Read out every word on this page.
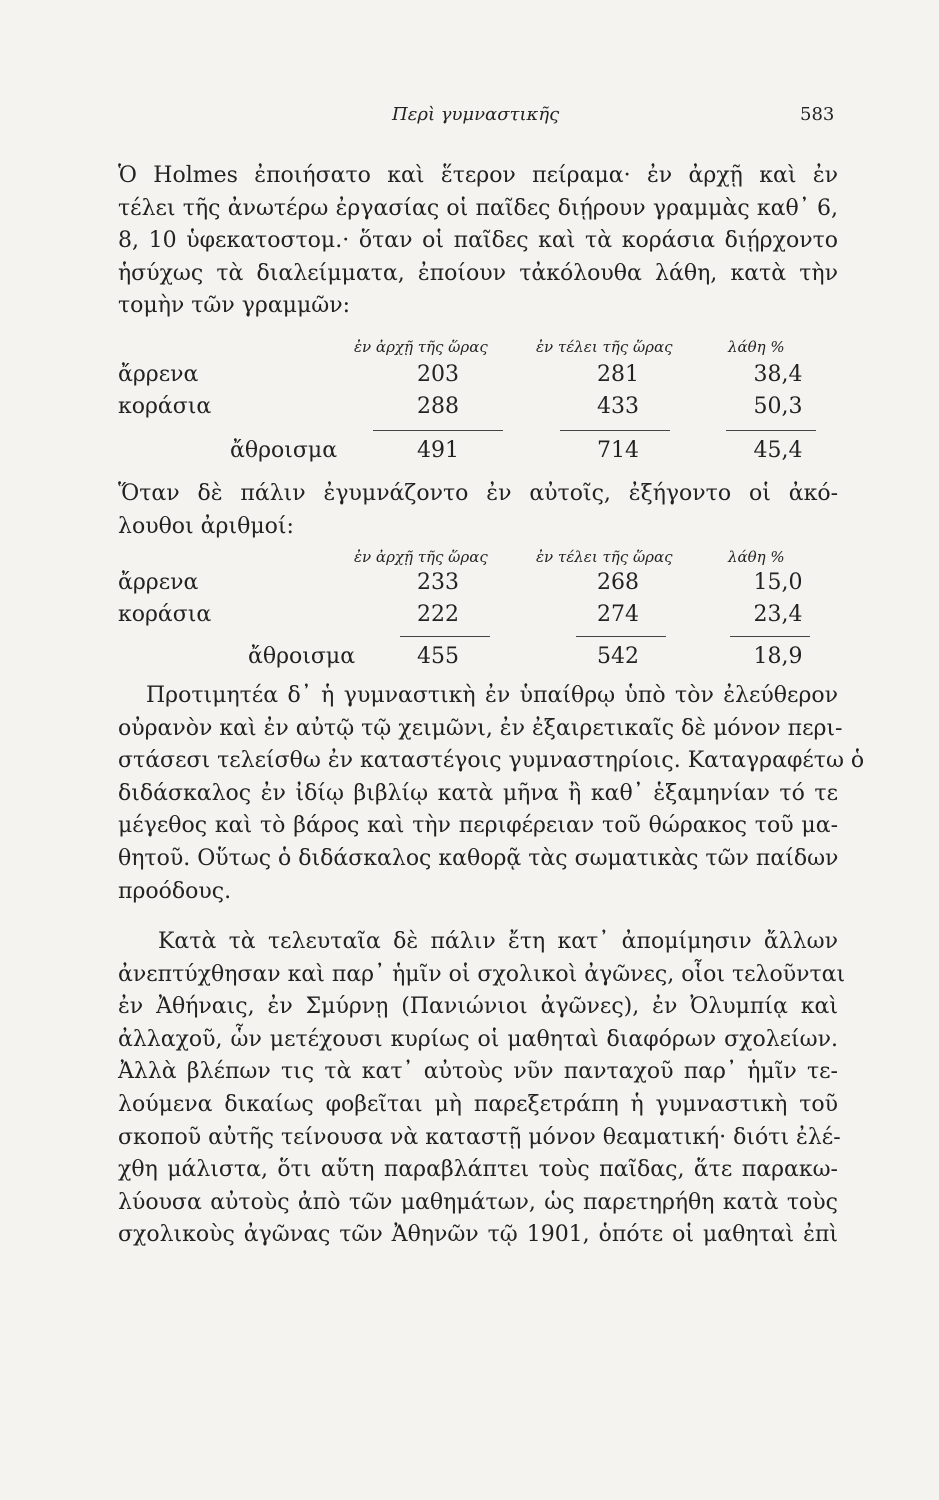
Περὶ γυμναστικῆς	583
Ὁ Holmes ἐποιήσατο καὶ ἕτερον πείραμα· ἐν ἀρχῇ καὶ ἐν
τέλει τῆς ἀνωτέρω ἐργασίας οἱ παῖδες διῄρουν γραμμὰς καθ᾽ 6,
8, 10 ὑφεκατοστομ.· ὅταν οἱ παῖδες καὶ τὰ κοράσια διῄρχοντο
ἡσύχως τὰ διαλείμματα, ἐποίουν τἀκόλουθα λάθη, κατὰ τὴν
τομὴν τῶν γραμμῶν:
ἐν ἀρχῇ τῆς ὥρας	ἐν τέλει τῆς ὥρας	λάθη %
ἄρρενα	203	281	38,4
κοράσια	288	433	50,3
ἄθροισμα	491	714	45,4
Ὅταν δὲ πάλιν ἐγυμνάζοντο ἐν αὐτοῖς, ἐξήγοντο οἱ ἀκό-
λουθοι ἀριθμοί:
ἐν ἀρχῇ τῆς ὥρας	ἐν τέλει τῆς ὥρας	λάθη %
ἄρρενα	233	268	15,0
κοράσια	222	274	23,4
ἄθροισμα	455	542	18,9
Προτιμητέα δ᾽ ἡ γυμναστικὴ ἐν ὑπαίθρῳ ὑπὸ τὸν ἐλεύθερον
οὐρανὸν καὶ ἐν αὐτῷ τῷ χειμῶνι, ἐν ἐξαιρετικαῖς δὲ μόνον περι-
στάσεσι τελείσθω ἐν καταστέγοις γυμναστηρίοις. Καταγραφέτω ὁ
διδάσκαλος ἐν ἰδίῳ βιβλίῳ κατὰ μῆνα ἢ καθ᾽ ἑξαμηνίαν τό τε
μέγεθος καὶ τὸ βάρος καὶ τὴν περιφέρειαν τοῦ θώρακος τοῦ μα-
θητοῦ. Οὕτως ὁ διδάσκαλος καθορᾷ τὰς σωματικὰς τῶν παίδων
προόδους.
Κατὰ τὰ τελευταῖα δὲ πάλιν ἔτη κατ᾽ ἀπομίμησιν ἄλλων
ἀνεπτύχθησαν καὶ παρ᾽ ἡμῖν οἱ σχολικοὶ ἀγῶνες, οἷοι τελοῦνται
ἐν Ἀθήναις, ἐν Σμύρνῃ (Πανιώνιοι ἀγῶνες), ἐν Ὀλυμπίᾳ καὶ
ἀλλαχοῦ, ὧν μετέχουσι κυρίως οἱ μαθηταὶ διαφόρων σχολείων.
Ἀλλὰ βλέπων τις τὰ κατ᾽ αὐτοὺς νῦν πανταχοῦ παρ᾽ ἡμῖν τε-
λούμενα δικαίως φοβεῖται μὴ παρεξετράπη ἡ γυμναστικὴ τοῦ
σκοποῦ αὐτῆς τείνουσα νὰ καταστῇ μόνον θεαματική· διότι ἐλέ-
χθη μάλιστα, ὅτι αὕτη παραβλάπτει τοὺς παῖδας, ἅτε παρακω-
λύουσα αὐτοὺς ἀπὸ τῶν μαθημάτων, ὡς παρετηρήθη κατὰ τοὺς
σχολικοὺς ἀγῶνας τῶν Ἀθηνῶν τῷ 1901, ὁπότε οἱ μαθηταὶ ἐπὶ
